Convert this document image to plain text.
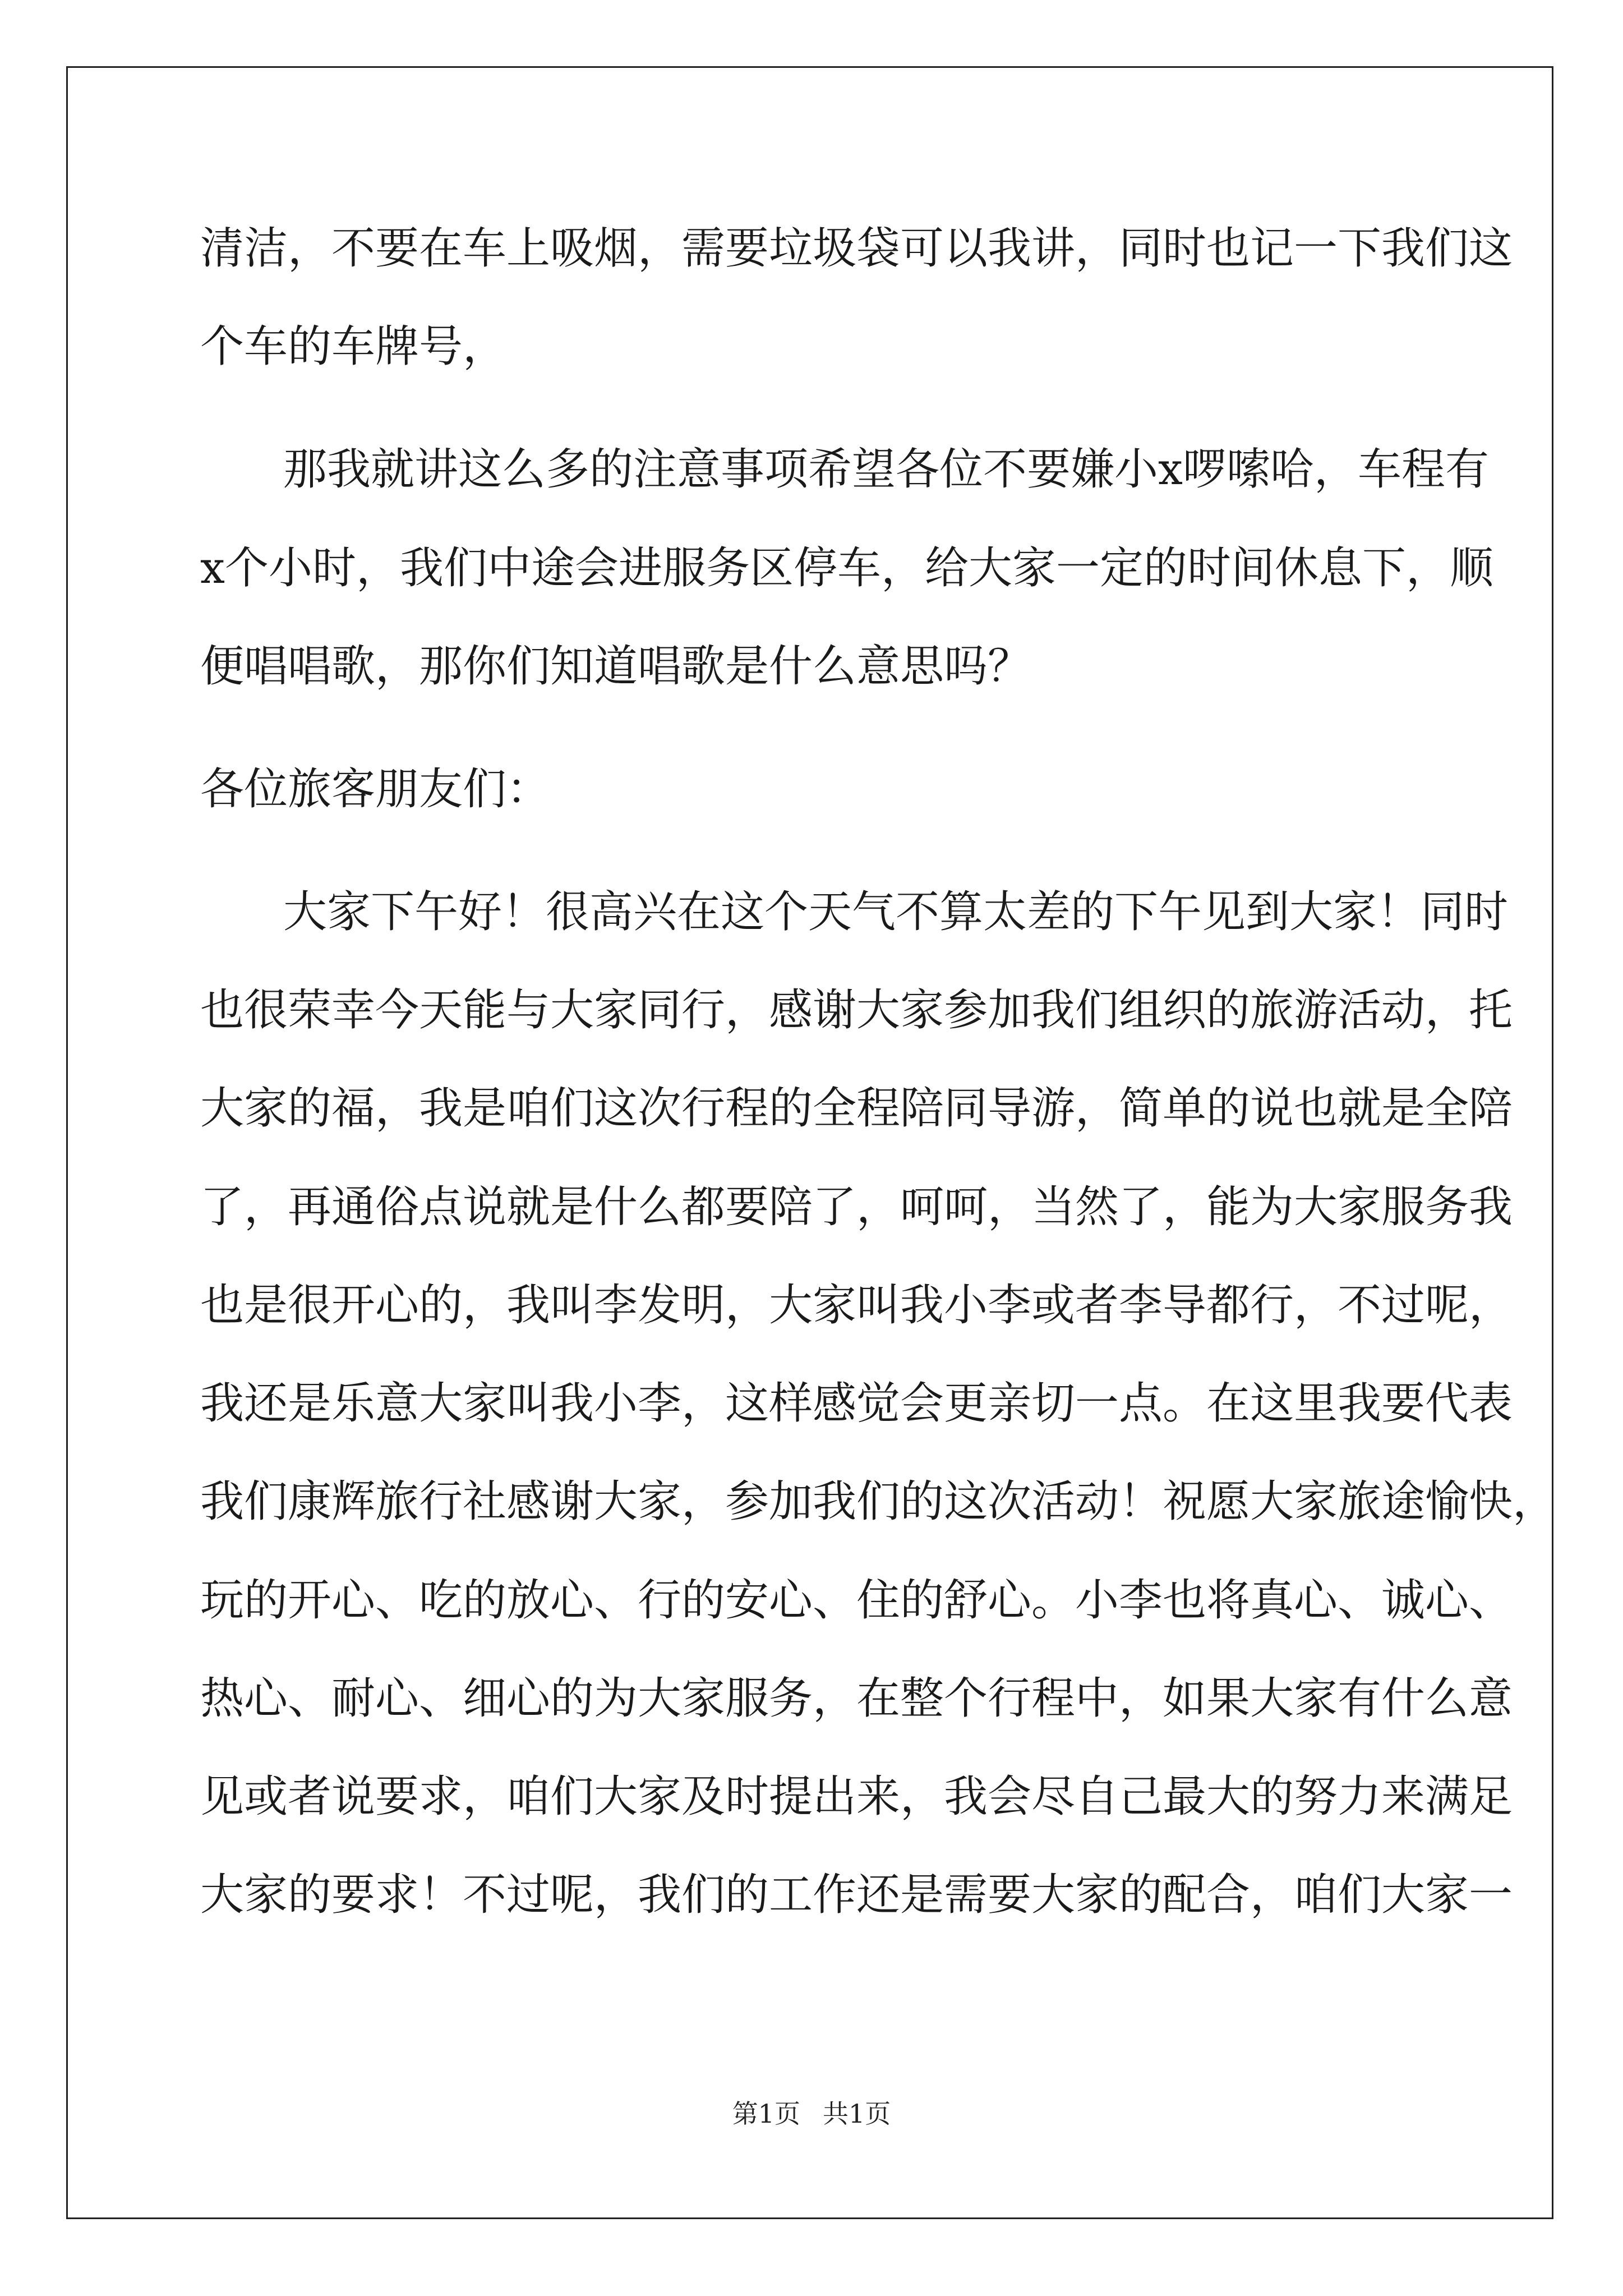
清洁，不要在车上吸烟，需要垃圾袋可以我讲，同时也记一下我们这
个车的车牌号，
那我就讲这么多的注意事项希望各位不要嫌小x啰嗦哈，车程有
x个小时，我们中途会进服务区停车，给大家一定的时间休息下，顺
便唱唱歌，那你们知道唱歌是什么意思吗？
各位旅客朋友们：
大家下午好！很高兴在这个天气不算太差的下午见到大家！同时
也很荣幸今天能与大家同行，感谢大家参加我们组织的旅游活动，托
大家的福，我是咱们这次行程的全程陪同导游，简单的说也就是全陪
了，再通俗点说就是什么都要陪了，呵呵，当然了，能为大家服务我
也是很开心的，我叫李发明，大家叫我小李或者李导都行，不过呢，
我还是乐意大家叫我小李，这样感觉会更亲切一点。在这里我要代表
我们康辉旅行社感谢大家，参加我们的这次活动！祝愿大家旅途愉快，
玩的开心、吃的放心、行的安心、住的舒心。小李也将真心、诚心、
热心、耐心、细心的为大家服务，在整个行程中，如果大家有什么意
见或者说要求，咱们大家及时提出来，我会尽自己最大的努力来满足
大家的要求！不过呢，我们的工作还是需要大家的配合，咱们大家一
第1页 共1页
